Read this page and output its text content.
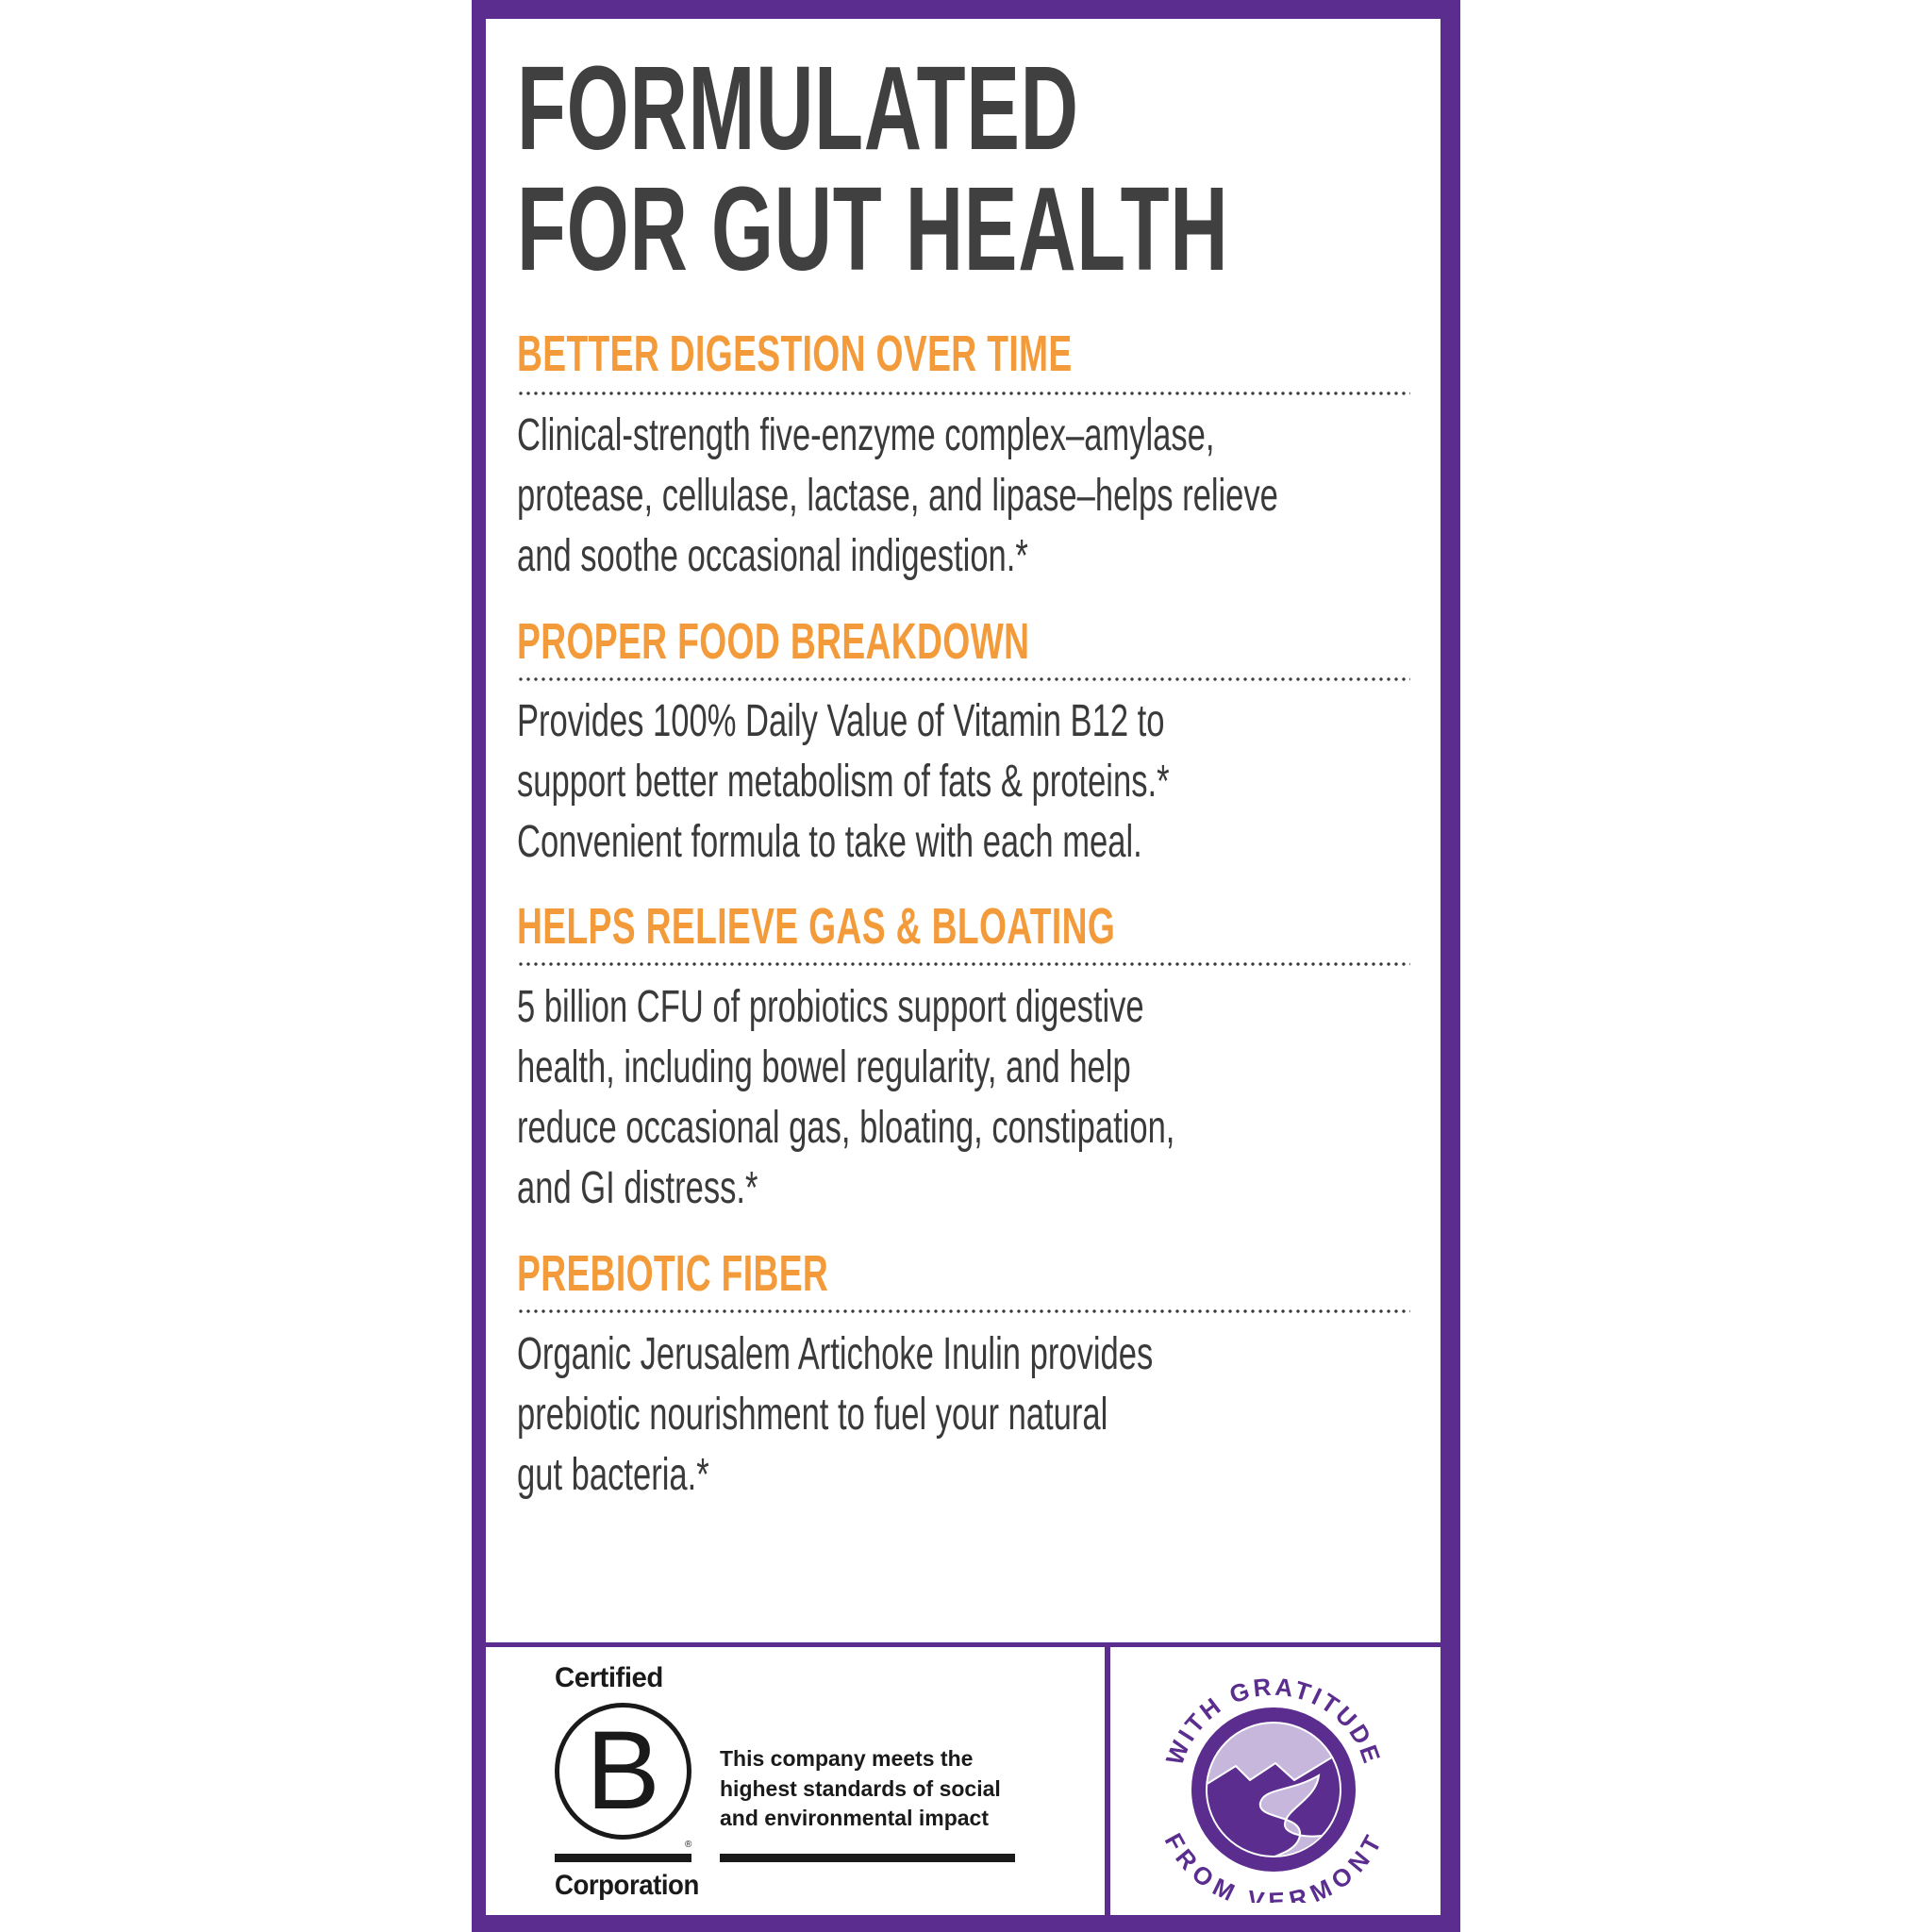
FORMULATED
FOR GUT HEALTH
BETTER DIGESTION OVER TIME
Clinical-strength five-enzyme complex–amylase,
protease, cellulase, lactase, and lipase–helps relieve
and soothe occasional indigestion.*
PROPER FOOD BREAKDOWN
Provides 100% Daily Value of Vitamin B12 to
support better metabolism of fats & proteins.*
Convenient formula to take with each meal.
HELPS RELIEVE GAS & BLOATING
5 billion CFU of probiotics support digestive
health, including bowel regularity, and help
reduce occasional gas, bloating, constipation,
and GI distress.*
PREBIOTIC FIBER
Organic Jerusalem Artichoke Inulin provides
prebiotic nourishment to fuel your natural
gut bacteria.*
Certified
B
®
Corporation
This company meets the
highest standards of social
and environmental impact
WITH GRATITUDE
FROM VERMONT
